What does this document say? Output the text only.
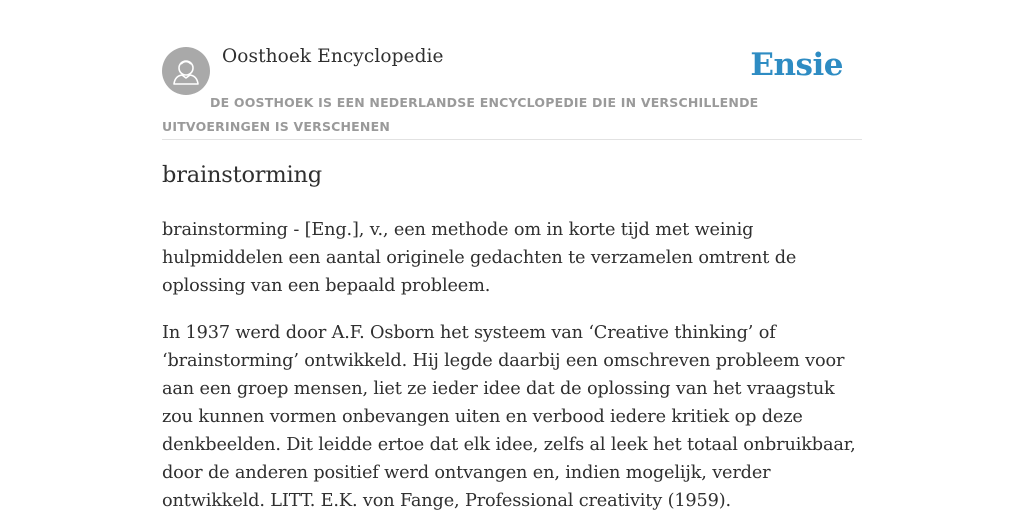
Oosthoek Encyclopedie	Ensie
DE OOSTHOEK IS EEN NEDERLANDSE ENCYCLOPEDIE DIE IN VERSCHILLENDE UITVOERINGEN IS VERSCHENEN
brainstorming

brainstorming - [Eng.], v., een methode om in korte tijd met weinig hulpmiddelen een aantal originele gedachten te verzamelen omtrent de oplossing van een bepaald probleem.

In 1937 werd door A.F. Osborn het systeem van ‘Creative thinking’ of ‘brainstorming’ ontwikkeld. Hij legde daarbij een omschreven probleem voor aan een groep mensen, liet ze ieder idee dat de oplossing van het vraagstuk zou kunnen vormen onbevangen uiten en verbood iedere kritiek op deze denkbeelden. Dit leidde ertoe dat elk idee, zelfs al leek het totaal onbruikbaar, door de anderen positief werd ontvangen en, indien mogelijk, verder ontwikkeld. LITT. E.K. von Fange, Professional creativity (1959).
